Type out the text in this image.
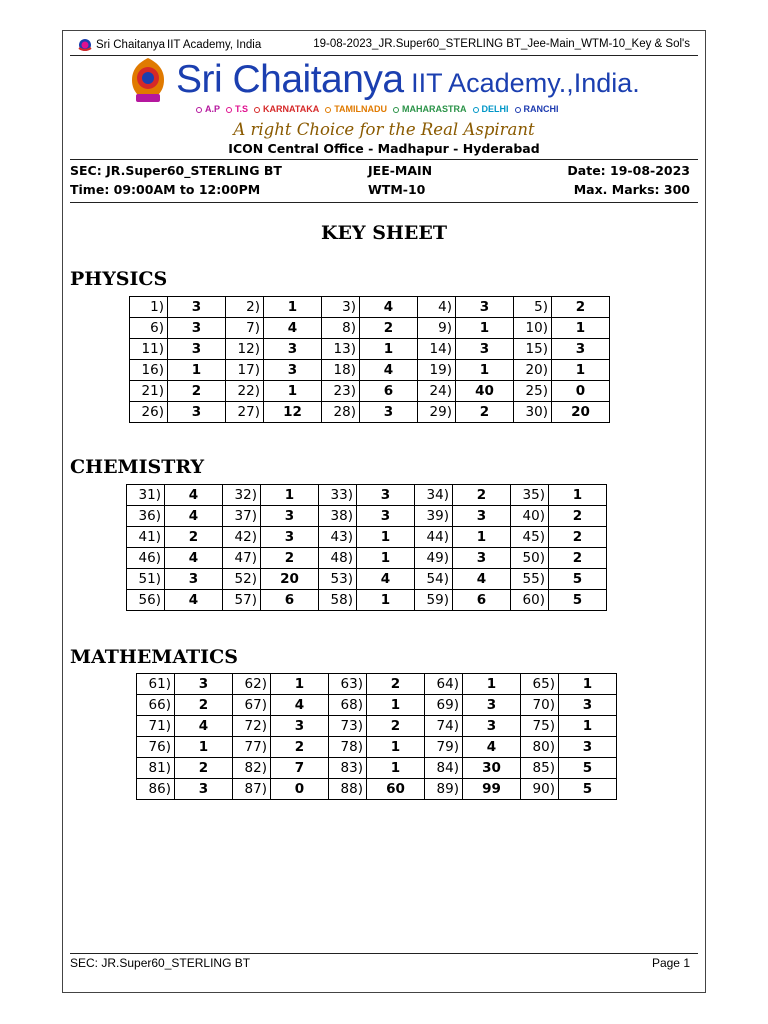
Sri Chaitanya IIT Academy, India	19-08-2023_JR.Super60_STERLING BT_Jee-Main_WTM-10_Key & Sol's
Sri Chaitanya IIT Academy.,India.
A.P	T.S	KARNATAKA	TAMILNADU	MAHARASTRA	DELHI	RANCHI
A right Choice for the Real Aspirant
ICON Central Office - Madhapur - Hyderabad
SEC: JR.Super60_STERLING BT	JEE-MAIN	Date: 19-08-2023
Time: 09:00AM to 12:00PM	WTM-10	Max. Marks: 300
KEY SHEET
PHYSICS
1)	3	2)	1	3)	4	4)	3	5)	2
6)	3	7)	4	8)	2	9)	1	10)	1
11)	3	12)	3	13)	1	14)	3	15)	3
16)	1	17)	3	18)	4	19)	1	20)	1
21)	2	22)	1	23)	6	24)	40	25)	0
26)	3	27)	12	28)	3	29)	2	30)	20
CHEMISTRY
31)	4	32)	1	33)	3	34)	2	35)	1
36)	4	37)	3	38)	3	39)	3	40)	2
41)	2	42)	3	43)	1	44)	1	45)	2
46)	4	47)	2	48)	1	49)	3	50)	2
51)	3	52)	20	53)	4	54)	4	55)	5
56)	4	57)	6	58)	1	59)	6	60)	5
MATHEMATICS
61)	3	62)	1	63)	2	64)	1	65)	1
66)	2	67)	4	68)	1	69)	3	70)	3
71)	4	72)	3	73)	2	74)	3	75)	1
76)	1	77)	2	78)	1	79)	4	80)	3
81)	2	82)	7	83)	1	84)	30	85)	5
86)	3	87)	0	88)	60	89)	99	90)	5
SEC: JR.Super60_STERLING BT	Page 1
